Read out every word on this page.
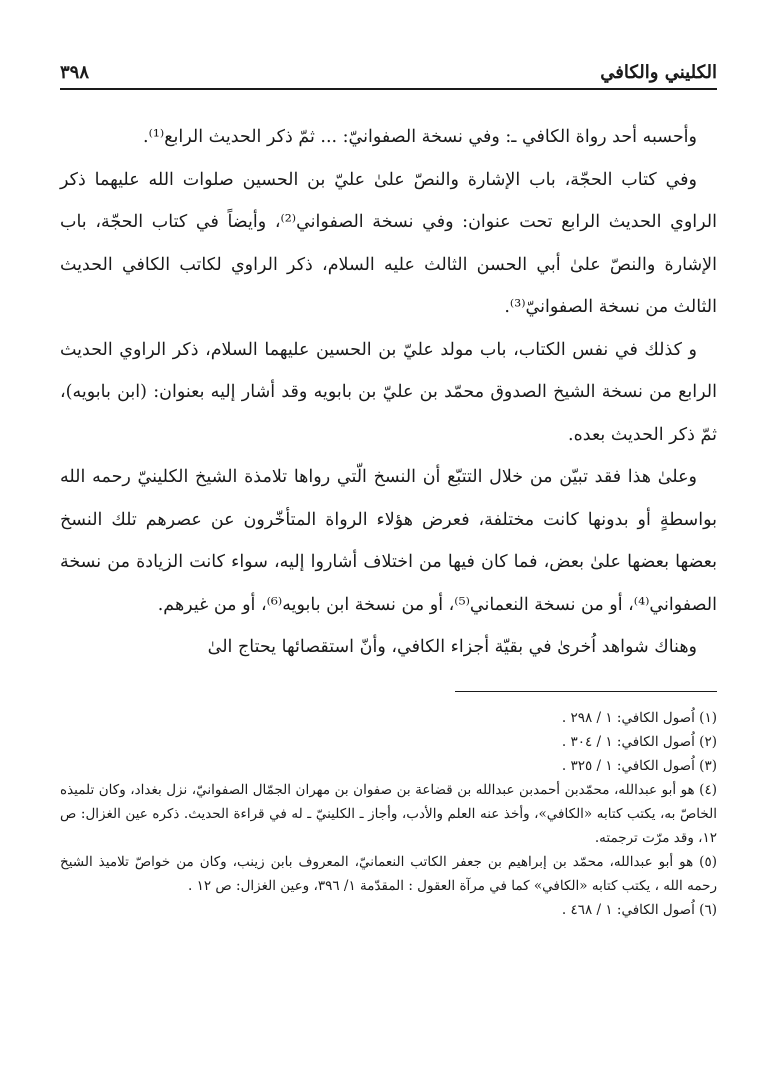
الكليني والكافي
٣٩٨

وأحسبه أحد رواة الكافي ـ: وفي نسخة الصفوانيّ: ... ثمّ ذكر الحديث الرابع⁽¹⁾.

وفي كتاب الحجّة، باب الإشارة والنصّ علىٰ عليّ بن الحسين صلوات الله عليهما ذكر الراوي الحديث الرابع تحت عنوان: وفي نسخة الصفواني⁽²⁾، وأيضاً في كتاب الحجّة، باب الإشارة والنصّ علىٰ أبي الحسن الثالث عليه السلام، ذكر الراوي لكاتب الكافي الحديث الثالث من نسخة الصفوانيّ⁽³⁾.

و كذلك في نفس الكتاب، باب مولد عليّ بن الحسين عليهما السلام، ذكر الراوي الحديث الرابع من نسخة الشيخ الصدوق محمّد بن عليّ بن بابويه وقد أشار إليه بعنوان: (ابن بابويه)، ثمّ ذكر الحديث بعده.

وعلىٰ هذا فقد تبيّن من خلال التتبّع أن النسخ الّتي رواها تلامذة الشيخ الكلينيّ رحمه الله بواسطةٍ أو بدونها كانت مختلفة، فعرض هؤلاء الرواة المتأخّرون عن عصرهم تلك النسخ بعضها بعضها علىٰ بعض، فما كان فيها من اختلاف أشاروا إليه، سواء كانت الزيادة من نسخة الصفواني⁽⁴⁾، أو من نسخة النعماني⁽⁵⁾، أو من نسخة ابن بابويه⁽⁶⁾، أو من غيرهم.

وهناك شواهد اُخرىٰ في بقيّة أجزاء الكافي، وأنّ استقصائها يحتاج الىٰ

(١) اُصول الكافي: ١ / ٢٩٨ .

(٢) اُصول الكافي: ١ / ٣٠٤ .

(٣) اُصول الكافي: ١ / ٣٢٥ .

(٤) هو أبو عبدالله، محمّدبن أحمدبن عبدالله بن قضاعة بن صفوان بن مهران الجمّال الصفوانيّ، نزل بغداد، وكان تلميذه الخاصّ به، يكتب كتابه «الكافي»، وأخذ عنه العلم والأدب، وأجاز ـ الكلينيّ ـ له في قراءة الحديث. ذكره عين الغزال: ص ١٢، وقد مرّت ترجمته.

(٥) هو أبو عبدالله، محمّد بن إبراهيم بن جعفر الكاتب النعمانيّ، المعروف بابن زينب، وكان من خواصّ تلاميذ الشيخ رحمه الله ، يكتب كتابه «الكافي» كما في مرآة العقول : المقدّمة ١/ ٣٩٦، وعين الغزال: ص ١٢ .

(٦) اُصول الكافي: ١ / ٤٦٨ .
